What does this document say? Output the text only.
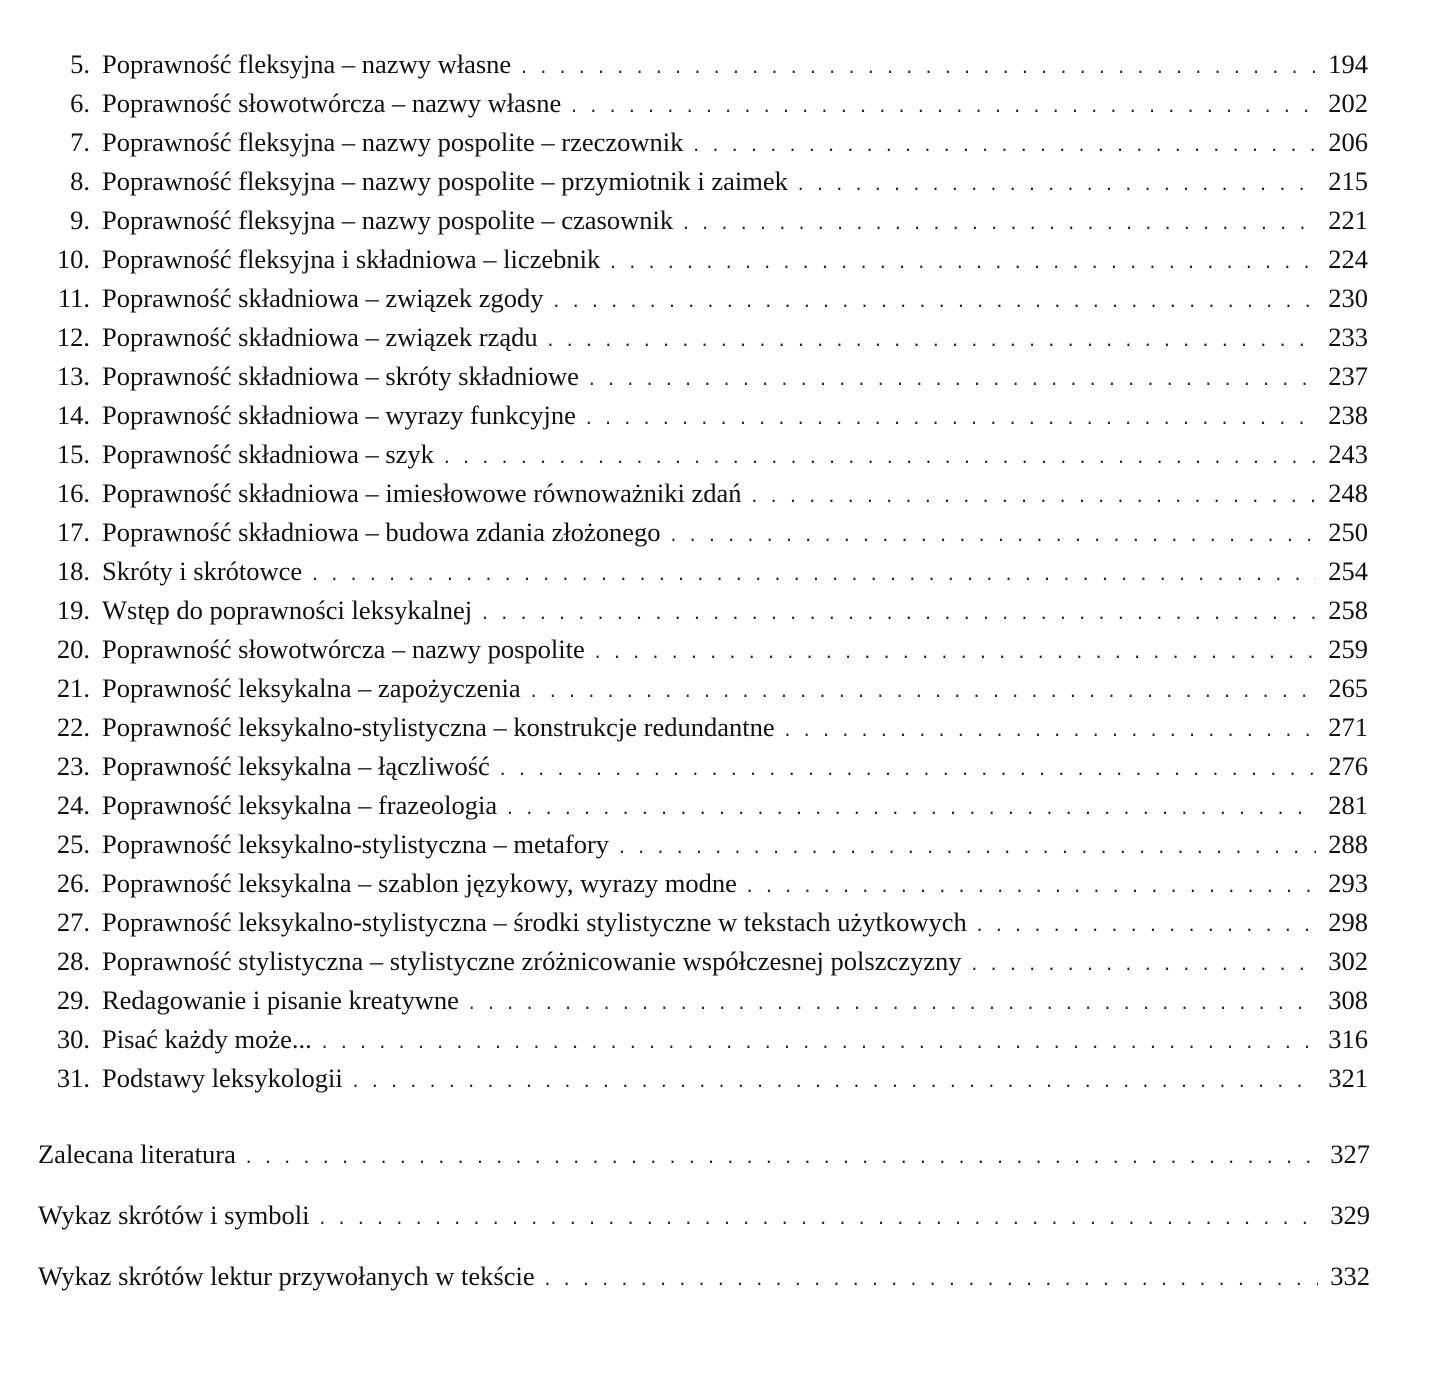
5. Poprawność fleksyjna – nazwy własne . . .	194
6. Poprawność słowotwórcza – nazwy własne . . .	202
7. Poprawność fleksyjna – nazwy pospolite – rzeczownik . . .	206
8. Poprawność fleksyjna – nazwy pospolite – przymiotnik i zaimek . . .	215
9. Poprawność fleksyjna – nazwy pospolite – czasownik . . .	221
10. Poprawność fleksyjna i składniowa – liczebnik . . .	224
11. Poprawność składniowa – związek zgody . . .	230
12. Poprawność składniowa – związek rządu . . .	233
13. Poprawność składniowa – skróty składniowe . . .	237
14. Poprawność składniowa – wyrazy funkcyjne . . .	238
15. Poprawność składniowa – szyk . . .	243
16. Poprawność składniowa – imiesłowowe równoważniki zdań . . .	248
17. Poprawność składniowa – budowa zdania złożonego . . .	250
18. Skróty i skrótowce . . .	254
19. Wstęp do poprawności leksykalnej . . .	258
20. Poprawność słowotwórcza – nazwy pospolite . . .	259
21. Poprawność leksykalna – zapożyczenia . . .	265
22. Poprawność leksykalno-stylistyczna – konstrukcje redundantne . . .	271
23. Poprawność leksykalna – łączliwość . . .	276
24. Poprawność leksykalna – frazeologia . . .	281
25. Poprawność leksykalno-stylistyczna – metafory . . .	288
26. Poprawność leksykalna – szablon językowy, wyrazy modne . . .	293
27. Poprawność leksykalno-stylistyczna – środki stylistyczne w tekstach użytkowych . . .	298
28. Poprawność stylistyczna – stylistyczne zróżnicowanie współczesnej polszczyzny . . .	302
29. Redagowanie i pisanie kreatywne . . .	308
30. Pisać każdy może... . . .	316
31. Podstawy leksykologii . . .	321
Zalecana literatura . . .	327
Wykaz skrótów i symboli . . .	329
Wykaz skrótów lektur przywołanych w tekście . . .	332
